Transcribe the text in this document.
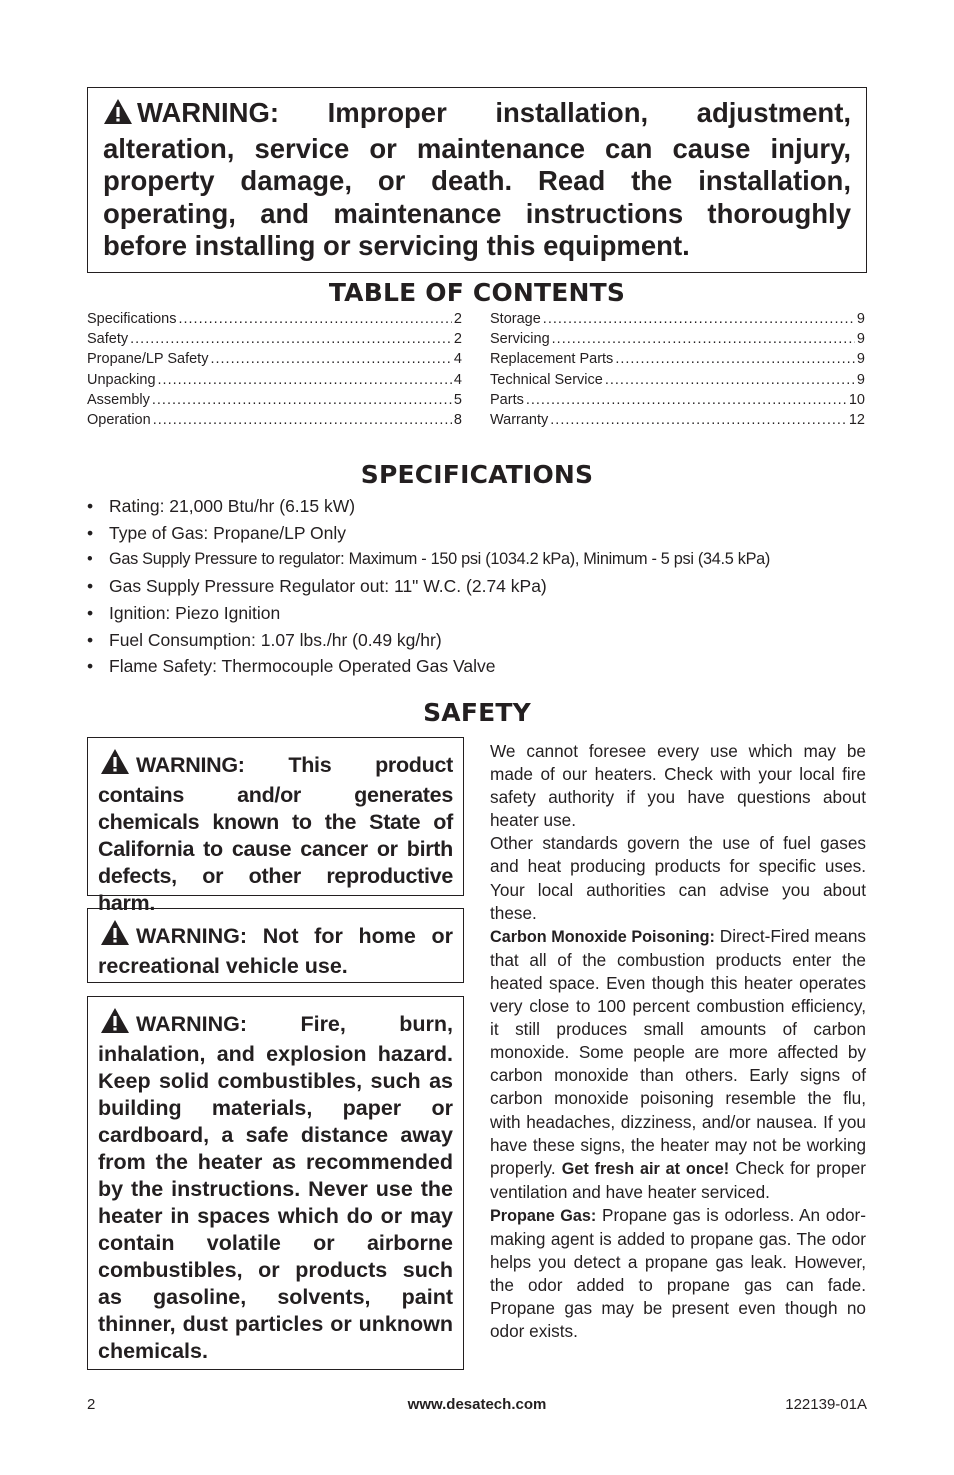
WARNING: Improper installation, adjustment, alteration, service or maintenance can cause injury, property damage, or death. Read the installation, operating, and maintenance instructions thoroughly before installing or servicing this equipment.
TABLE OF CONTENTS
Specifications .....	2
Safety .....	2
Propane/LP Safety .....	4
Unpacking .....	4
Assembly .....	5
Operation .....	8
Storage .....	9
Servicing .....	9
Replacement Parts .....	9
Technical Service .....	9
Parts .....	10
Warranty .....	12
SPECIFICATIONS
• Rating: 21,000 Btu/hr (6.15 kW)
• Type of Gas: Propane/LP Only
• Gas Supply Pressure to regulator: Maximum - 150 psi (1034.2 kPa), Minimum - 5 psi (34.5 kPa)
• Gas Supply Pressure Regulator out: 11" W.C. (2.74 kPa)
• Ignition: Piezo Ignition
• Fuel Consumption: 1.07 lbs./hr (0.49 kg/hr)
• Flame Safety: Thermocouple Operated Gas Valve
SAFETY
WARNING: This product contains and/or generates chemicals known to the State of California to cause cancer or birth defects, or other reproductive harm.
WARNING: Not for home or recreational vehicle use.
WARNING: Fire, burn, inhalation, and explosion hazard. Keep solid combustibles, such as building materials, paper or cardboard, a safe distance away from the heater as recommended by the instructions. Never use the heater in spaces which do or may contain volatile or airborne combustibles, or products such as gasoline, solvents, paint thinner, dust particles or unknown chemicals.

We cannot foresee every use which may be made of our heaters. Check with your local fire safety authority if you have questions about heater use.

Other standards govern the use of fuel gases and heat producing products for specific uses. Your local authorities can advise you about these.

Carbon Monoxide Poisoning: Direct-Fired means that all of the combustion products enter the heated space. Even though this heater operates very close to 100 percent combustion efficiency, it still produces small amounts of carbon monoxide. Some people are more affected by carbon monoxide than others. Early signs of carbon monoxide poisoning resemble the flu, with headaches, dizziness, and/or nausea. If you have these signs, the heater may not be working properly. Get fresh air at once! Check for proper ventilation and have heater serviced.

Propane Gas: Propane gas is odorless. An odor-making agent is added to propane gas. The odor helps you detect a propane gas leak. However, the odor added to propane gas can fade. Propane gas may be present even though no odor exists.

2	www.desatech.com	122139-01A
